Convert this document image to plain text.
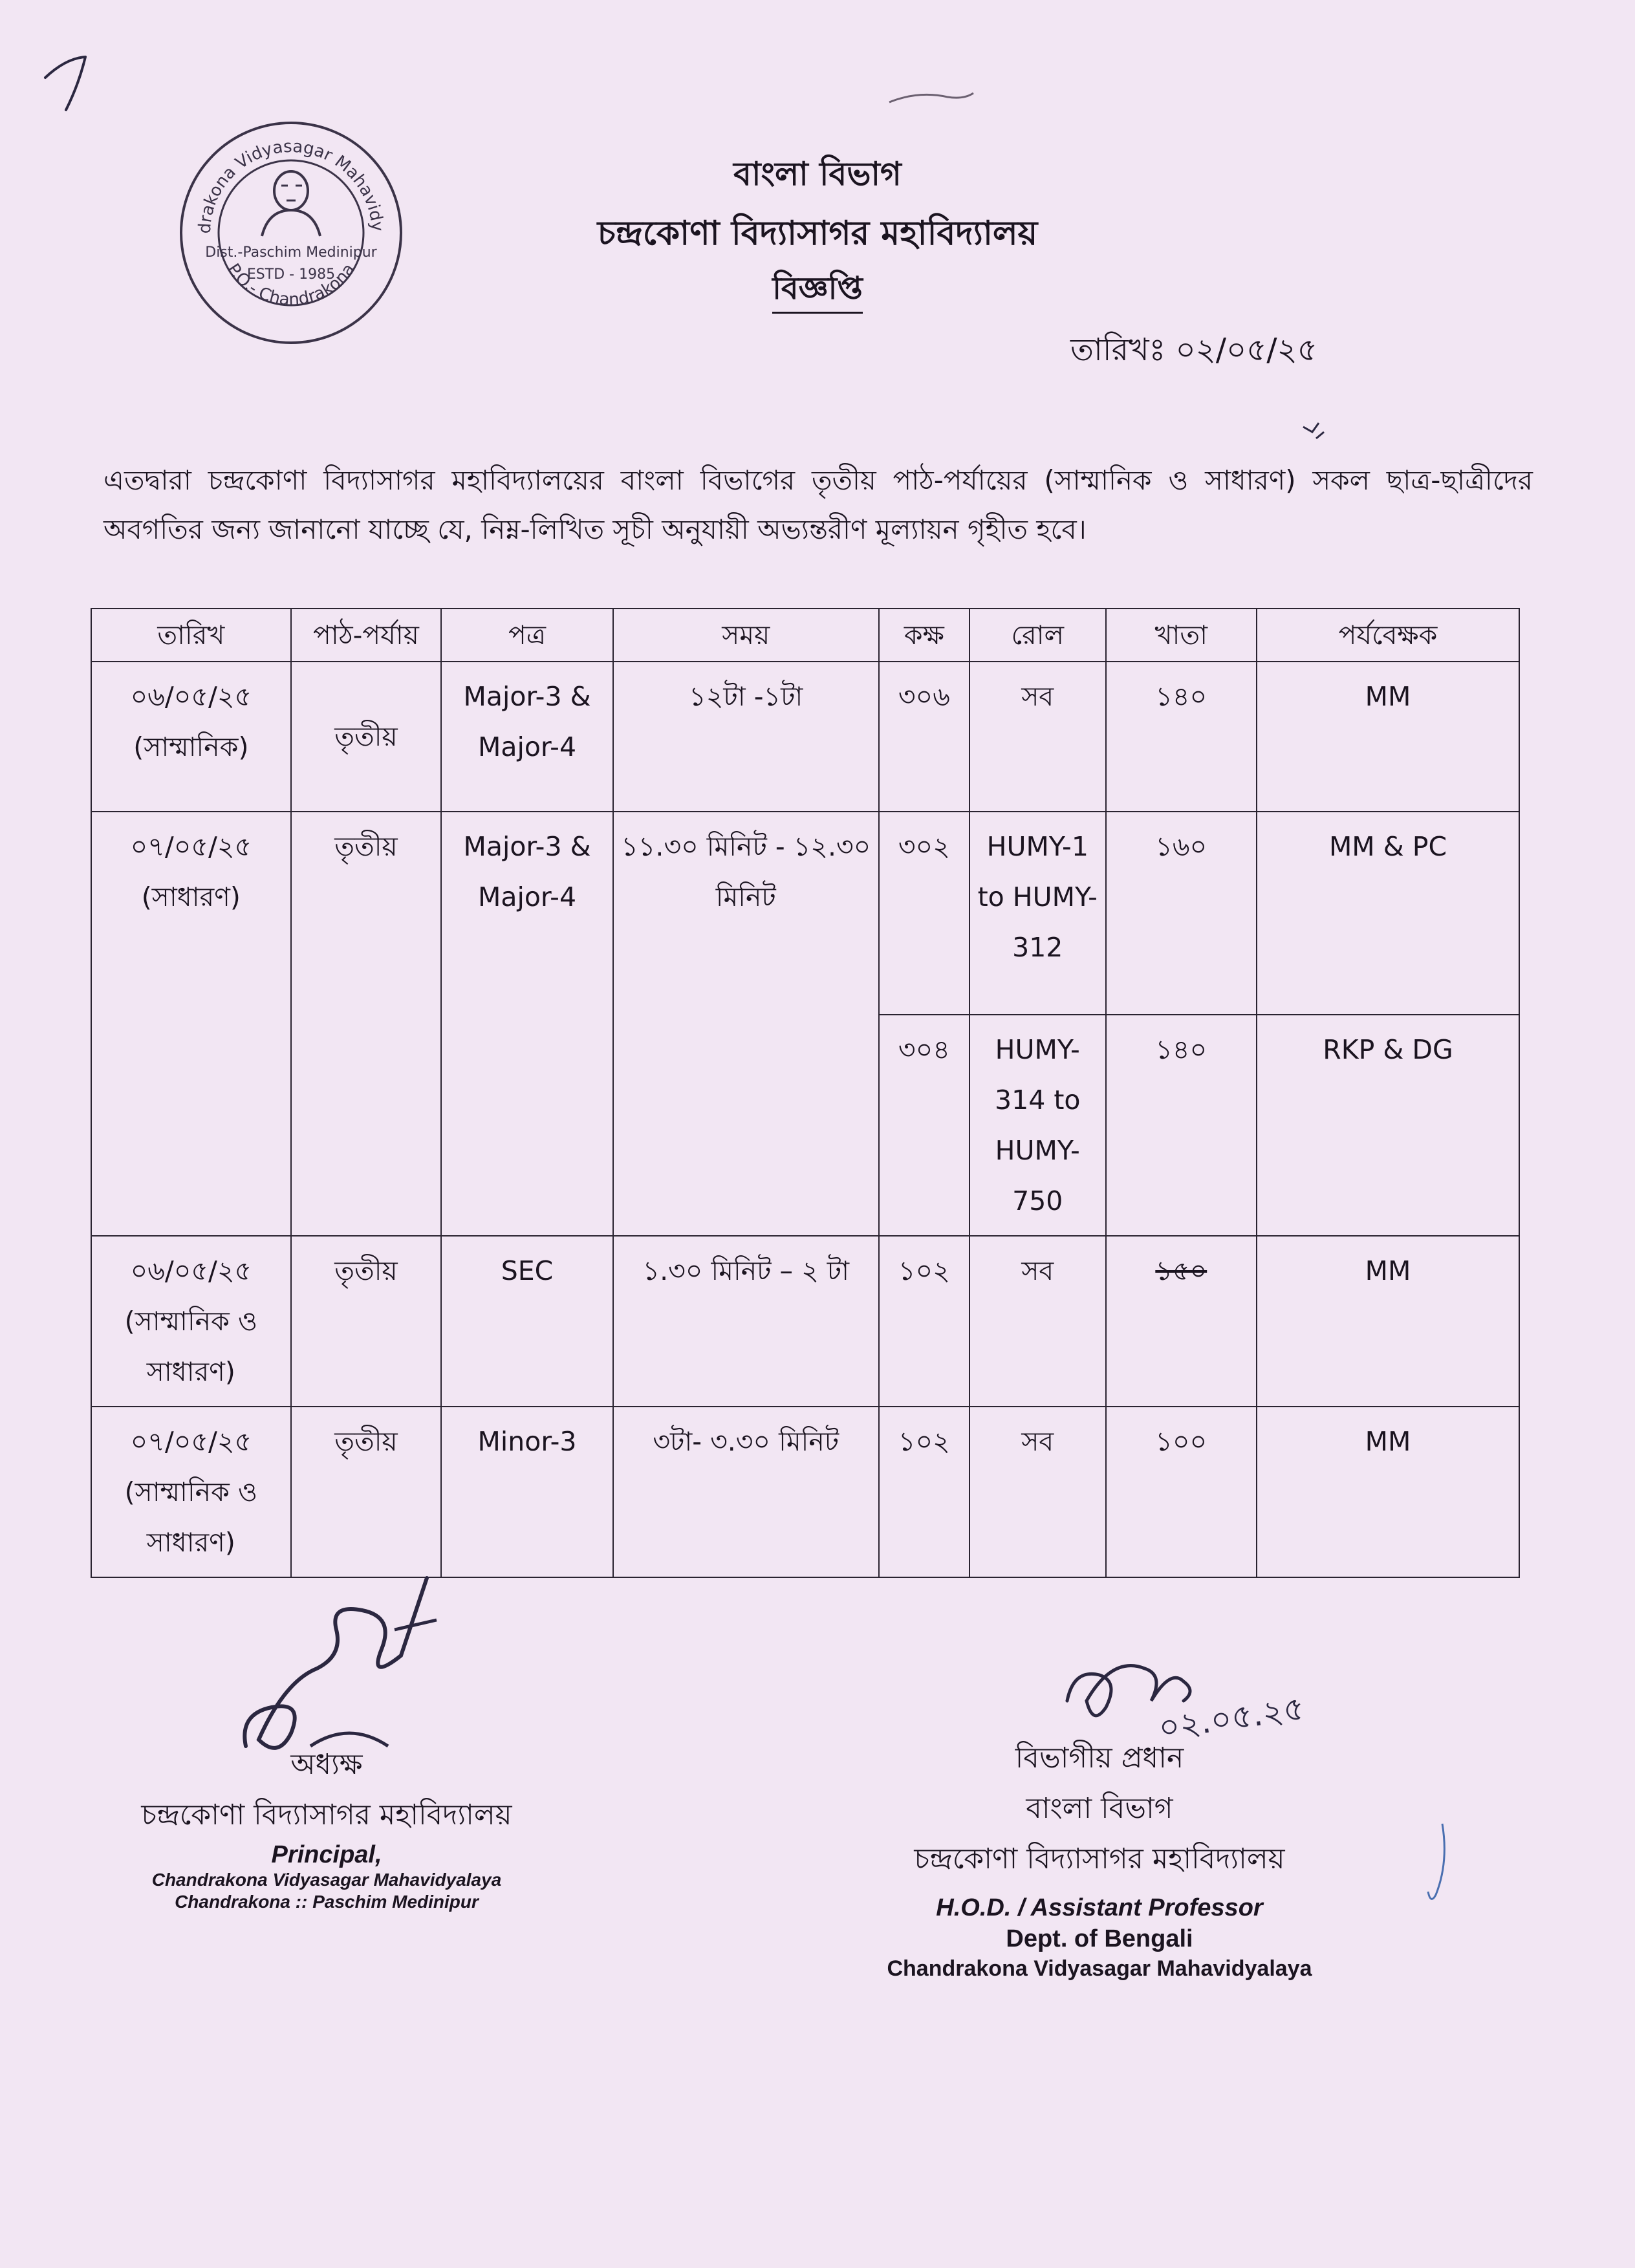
drakona Vidyasagar Mahavidy
P.O.- Chandrakona
Dist.-Paschim Medinipur
ESTD - 1985
বাংলা বিভাগ
চন্দ্রকোণা বিদ্যাসাগর মহাবিদ্যালয়
বিজ্ঞপ্তি
তারিখঃ ০২/০৫/২৫
এতদ্বারা চন্দ্রকোণা বিদ্যাসাগর মহাবিদ্যালয়ের বাংলা বিভাগের তৃতীয় পাঠ-পর্যায়ের (সাম্মানিক ও সাধারণ) সকল ছাত্র-ছাত্রীদের অবগতির জন্য জানানো যাচ্ছে যে, নিম্ন-লিখিত সূচী অনুযায়ী অভ্যন্তরীণ মূল্যায়ন গৃহীত হবে।
তারিখ	পাঠ-পর্যায়	পত্র	সময়	কক্ষ	রোল	খাতা	পর্যবেক্ষক

০৬/০৫/২৫
(সাম্মানিক)	তৃতীয়	Major-3 & Major-4	১২টা -১টা	৩০৬	সব	১৪০	MM

০৭/০৫/২৫
(সাধারণ)	তৃতীয়	Major-3 & Major-4	১১.৩০ মিনিট - ১২.৩০ মিনিট	৩০২	HUMY-1 to HUMY-312	১৬০	MM & PC
				৩০৪	HUMY-314 to HUMY-750	১৪০	RKP & DG

০৬/০৫/২৫
(সাম্মানিক ও সাধারণ)	তৃতীয়	SEC	১.৩০ মিনিট – ২ টা	১০২	সব	১৫০	MM

০৭/০৫/২৫
(সাম্মানিক ও সাধারণ)	তৃতীয়	Minor-3	৩টা- ৩.৩০ মিনিট	১০২	সব	১০০	MM
০২.০৫.২৫
অধ্যক্ষ
চন্দ্রকোণা বিদ্যাসাগর মহাবিদ্যালয়
Principal,
Chandrakona Vidyasagar Mahavidyalaya
Chandrakona :: Paschim Medinipur
বিভাগীয় প্রধান
বাংলা বিভাগ
চন্দ্রকোণা বিদ্যাসাগর মহাবিদ্যালয়
H.O.D. / Assistant Professor
Dept. of Bengali
Chandrakona Vidyasagar Mahavidyalaya
